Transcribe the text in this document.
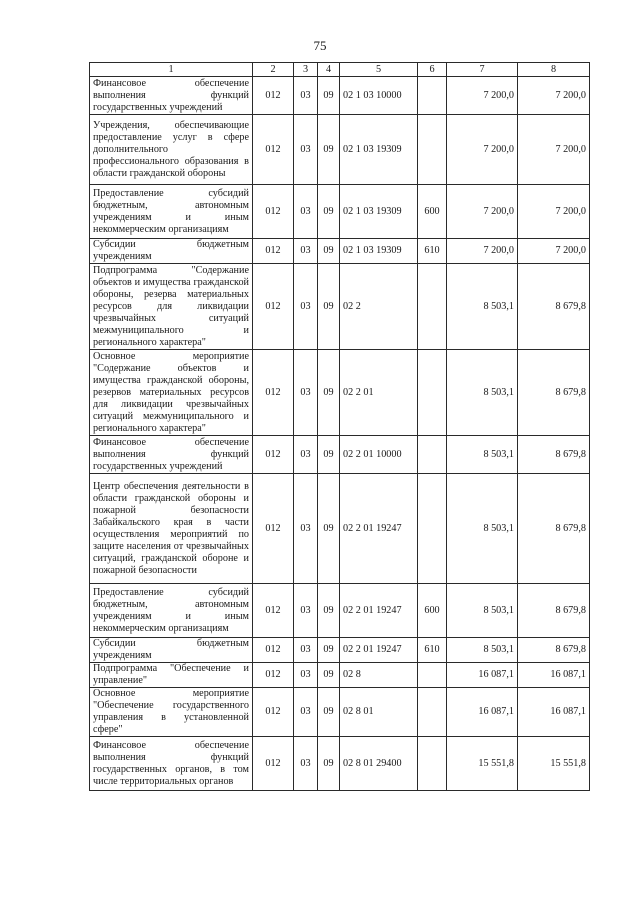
75
1	2	3	4	5	6	7	8
Финансовое обеспечение выполнения функций государственных учреждений	012	03	09	02 1 03 10000		7 200,0	7 200,0
Учреждения, обеспечивающие предоставление услуг в сфере дополнительного профессионального образования в области гражданской обороны	012	03	09	02 1 03 19309		7 200,0	7 200,0
Предоставление субсидий бюджетным, автономным учреждениям и иным некоммерческим организациям	012	03	09	02 1 03 19309	600	7 200,0	7 200,0
Субсидии бюджетным учреждениям	012	03	09	02 1 03 19309	610	7 200,0	7 200,0
Подпрограмма "Содержание объектов и имущества гражданской обороны, резерва материальных ресурсов для ликвидации чрезвычайных ситуаций межмуниципального и регионального характера"	012	03	09	02 2		8 503,1	8 679,8
Основное мероприятие "Содержание объектов и имущества гражданской обороны, резервов материальных ресурсов для ликвидации чрезвычайных ситуаций межмуниципального и регионального характера"	012	03	09	02 2 01		8 503,1	8 679,8
Финансовое обеспечение выполнения функций государственных учреждений	012	03	09	02 2 01 10000		8 503,1	8 679,8
Центр обеспечения деятельности в области гражданской обороны и пожарной безопасности Забайкальского края в части осуществления мероприятий по защите населения от чрезвычайных ситуаций, гражданской обороне и пожарной безопасности	012	03	09	02 2 01 19247		8 503,1	8 679,8
Предоставление субсидий бюджетным, автономным учреждениям и иным некоммерческим организациям	012	03	09	02 2 01 19247	600	8 503,1	8 679,8
Субсидии бюджетным учреждениям	012	03	09	02 2 01 19247	610	8 503,1	8 679,8
Подпрограмма "Обеспечение и управление"	012	03	09	02 8		16 087,1	16 087,1
Основное мероприятие "Обеспечение государственного управления в установленной сфере"	012	03	09	02 8 01		16 087,1	16 087,1
Финансовое обеспечение выполнения функций государственных органов, в том числе территориальных органов	012	03	09	02 8 01 29400		15 551,8	15 551,8
